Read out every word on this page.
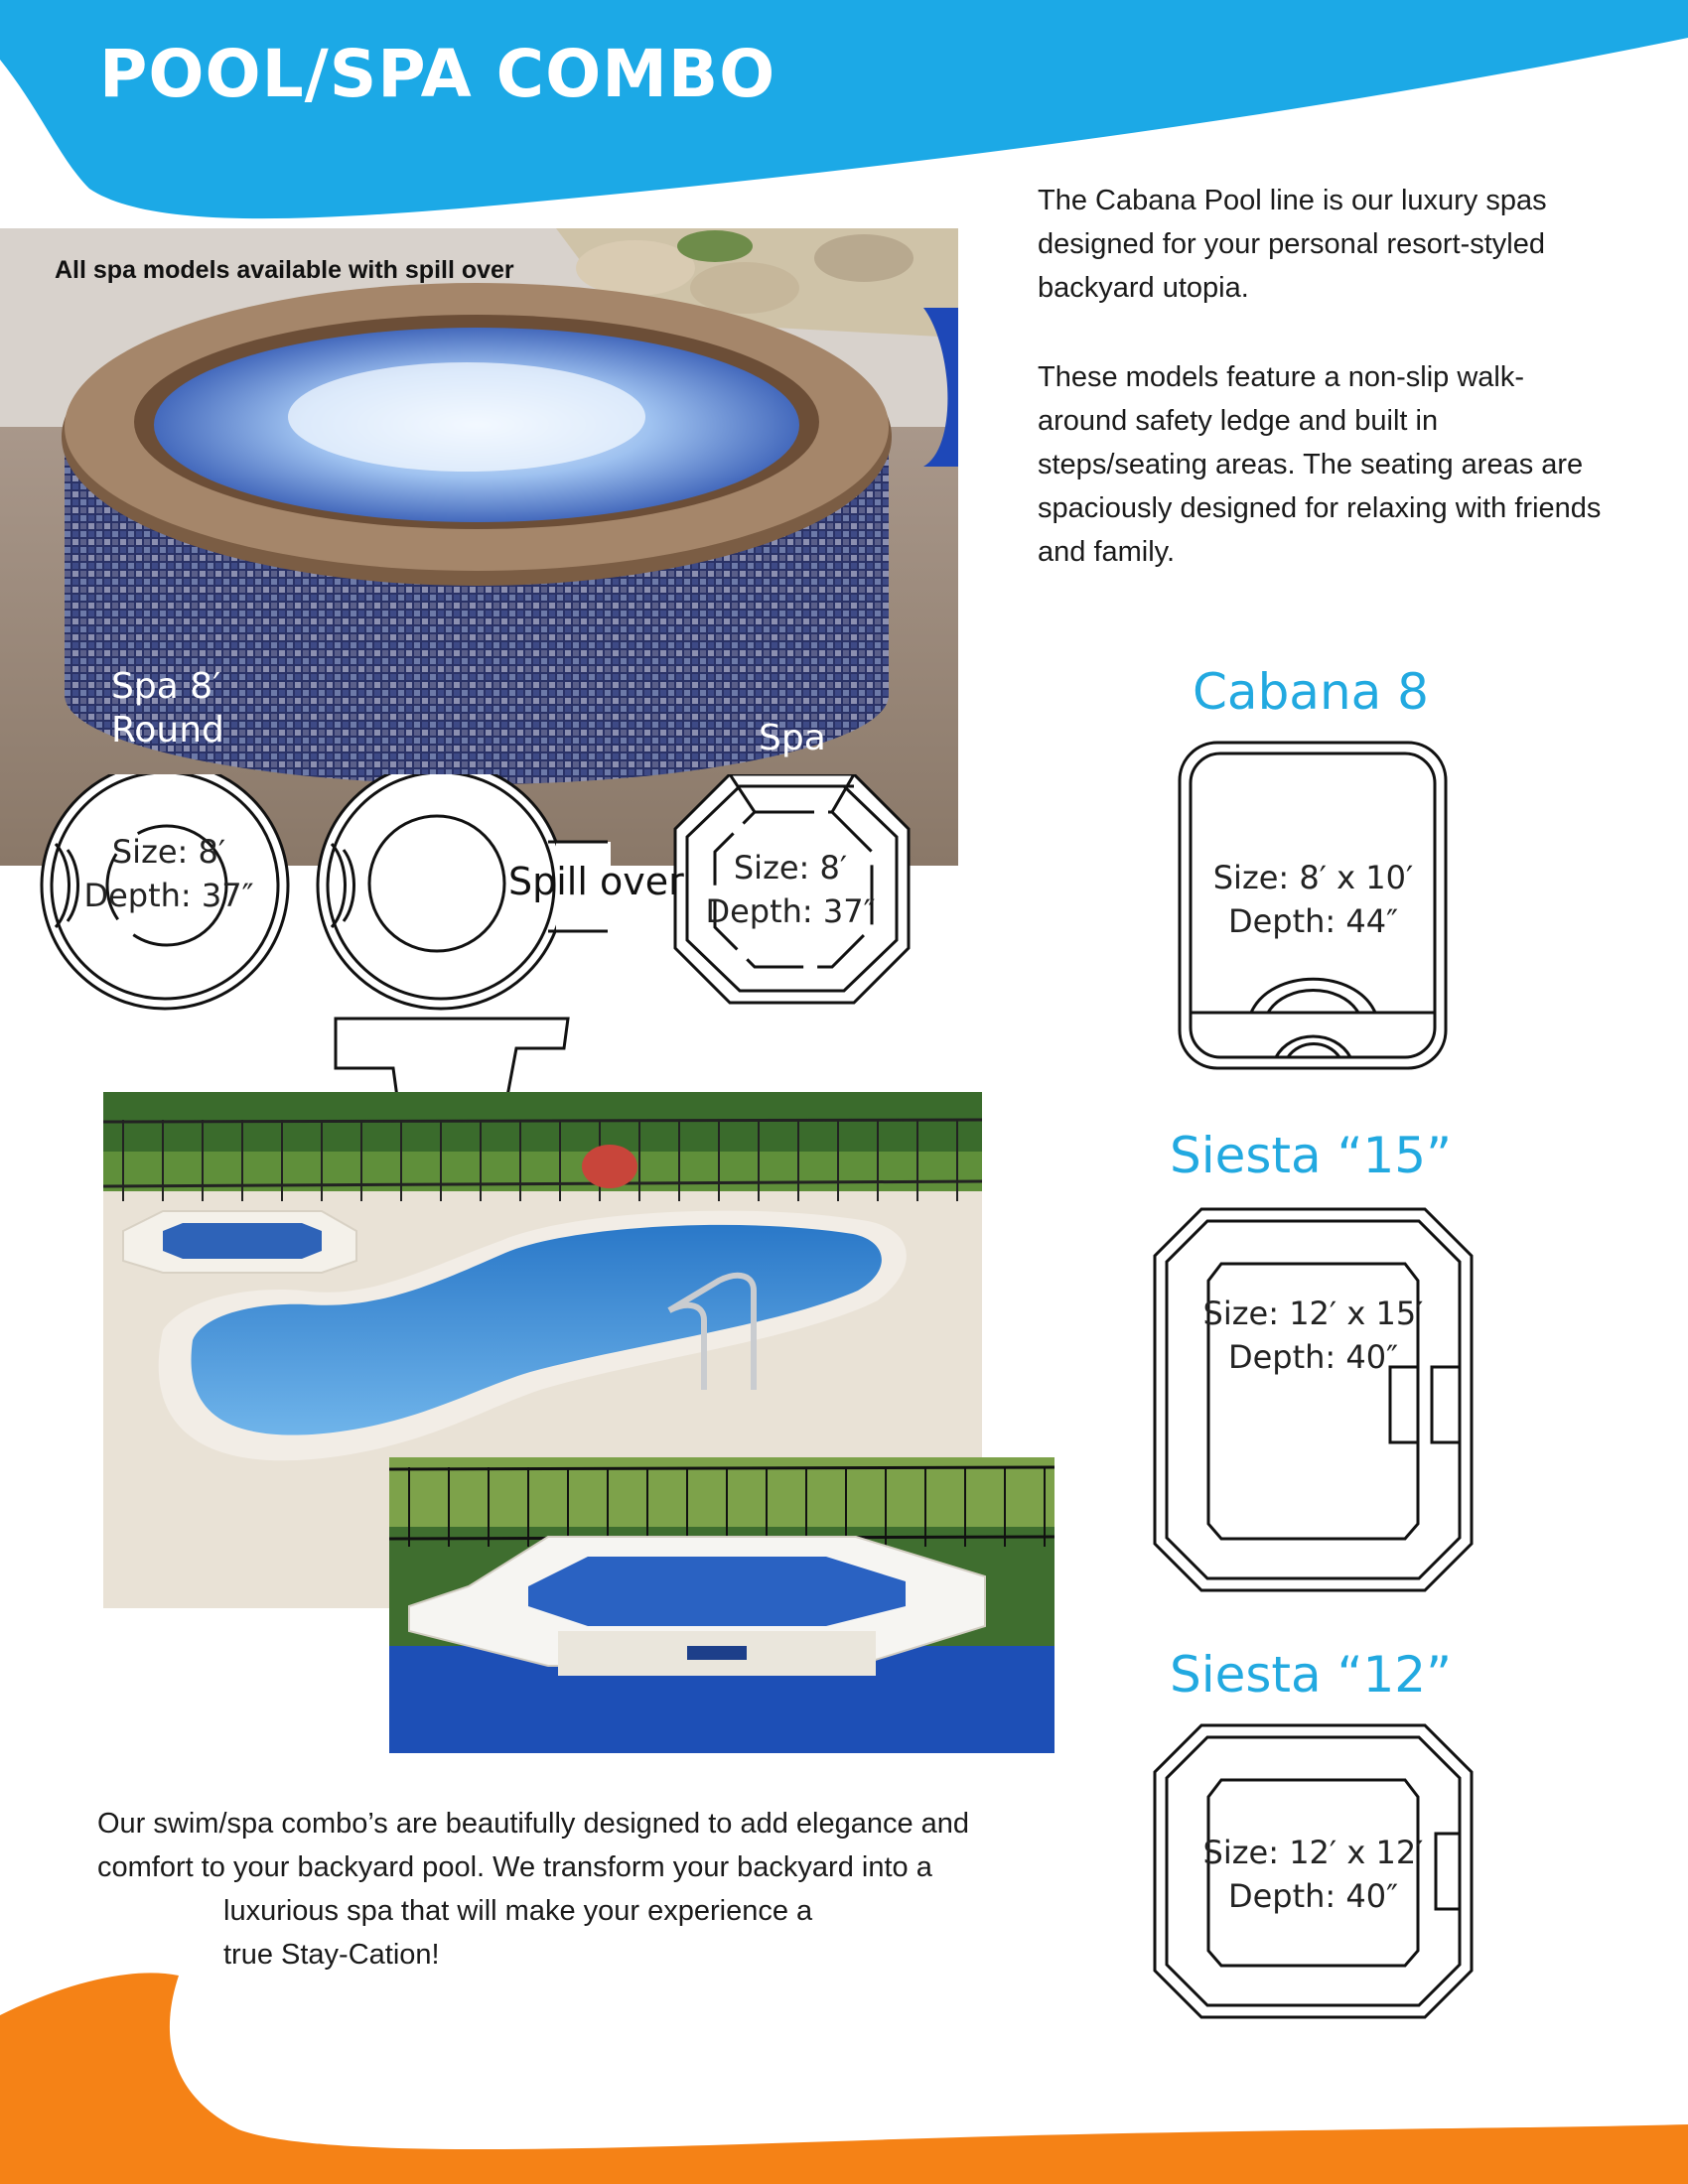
POOL/SPA COMBO

The Cabana Pool line is our luxury spas designed for your personal resort-styled backyard utopia.

These models feature a non-slip walk-around safety ledge and built in steps/seating areas. The seating areas are spaciously designed for relaxing with friends and family.

All spa models available with spill over
Spa 8′
Round	Spa
Size: 8′
Depth: 37″	Spill over	Size: 8′
Depth: 37″
Cabana 8
Size: 8′ x 10′
Depth: 44″
Siesta “15”
Size: 12′ x 15′
Depth: 40″
Siesta “12”
Size: 12′ x 12′
Depth: 40″
Our swim/spa combo’s are beautifully designed to add elegance and
comfort to your backyard pool. We transform your backyard into a
luxurious spa that will make your experience a
true Stay-Cation!
